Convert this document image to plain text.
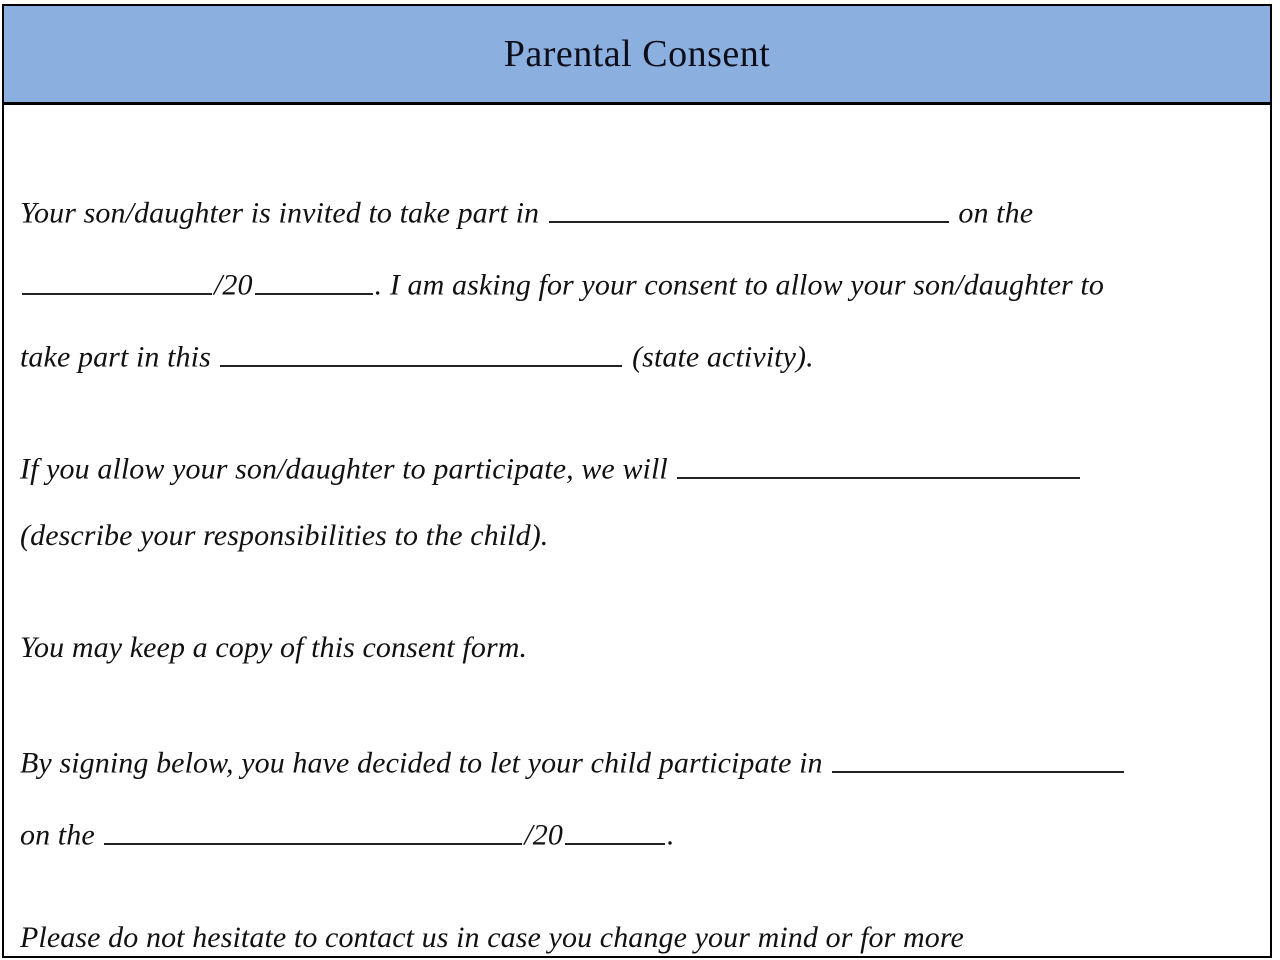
Parental Consent
Your son/daughter is invited to take part in	on the
/20	. I am asking for your consent to allow your son/daughter to
take part in this	(state activity).
If you allow your son/daughter to participate, we will
(describe your responsibilities to the child).
You may keep a copy of this consent form.
By signing below, you have decided to let your child participate in
on the	/20	.
Please do not hesitate to contact us in case you change your mind or for more
